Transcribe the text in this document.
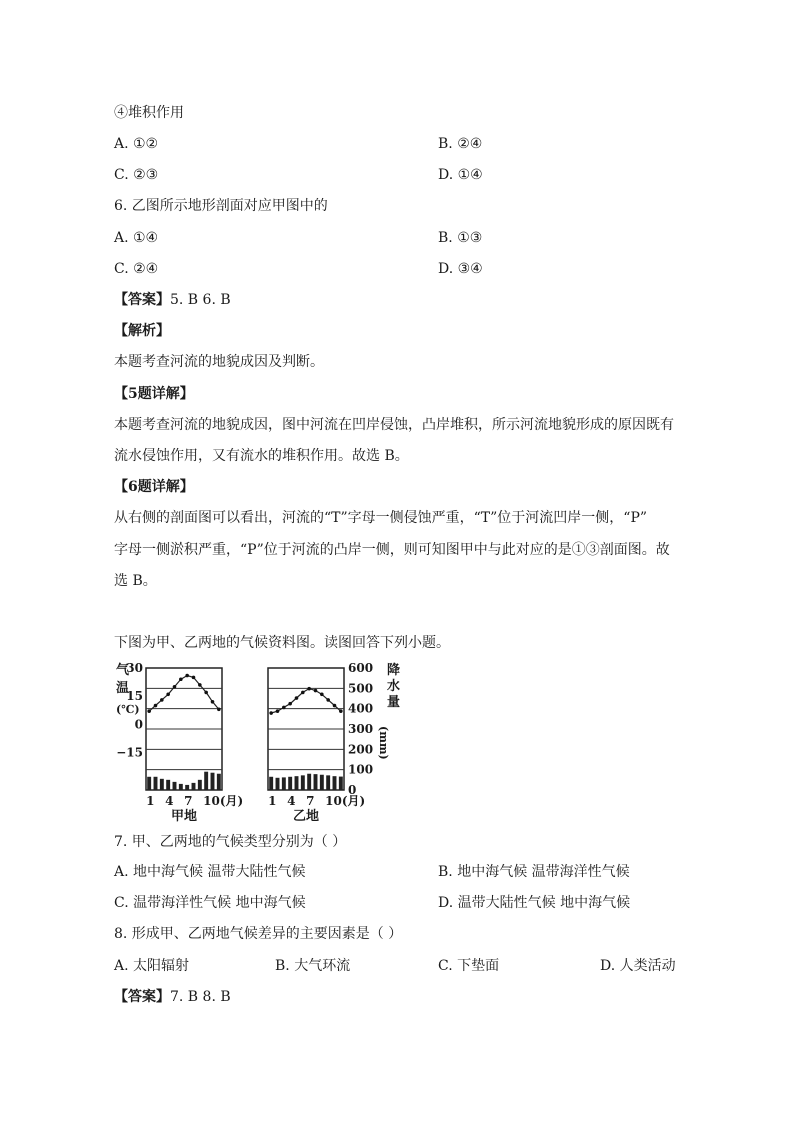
④堆积作用
A. ①②	B. ②④
C. ②③	D. ①④
6. 乙图所示地形剖面对应甲图中的
A. ①④	B. ①③
C. ②④	D. ③④
【答案】5. B 6. B
【解析】
本题考查河流的地貌成因及判断。
【5题详解】
本题考查河流的地貌成因，图中河流在凹岸侵蚀，凸岸堆积，所示河流地貌形成的原因既有
流水侵蚀作用，又有流水的堆积作用。故选 B。
【6题详解】
从右侧的剖面图可以看出，河流的“T”字母一侧侵蚀严重，“T”位于河流凹岸一侧，“P”
字母一侧淤积严重，“P”位于河流的凸岸一侧，则可知图甲中与此对应的是①③剖面图。故
选 B。
下图为甲、乙两地的气候资料图。读图回答下列小题。
1 4 7 10(月)
30
15
0
−15
气
温
(℃)
甲地
1 4 7 10(月)
600
500
400
300
200
100
0
降
水
量
(mm)
乙地
7. 甲、乙两地的气候类型分别为（ ）
A. 地中海气候 温带大陆性气候	B. 地中海气候 温带海洋性气候
C. 温带海洋性气候 地中海气候	D. 温带大陆性气候 地中海气候
8. 形成甲、乙两地气候差异的主要因素是（ ）
A. 太阳辐射	B. 大气环流	C. 下垫面	D. 人类活动
【答案】7. B 8. B
